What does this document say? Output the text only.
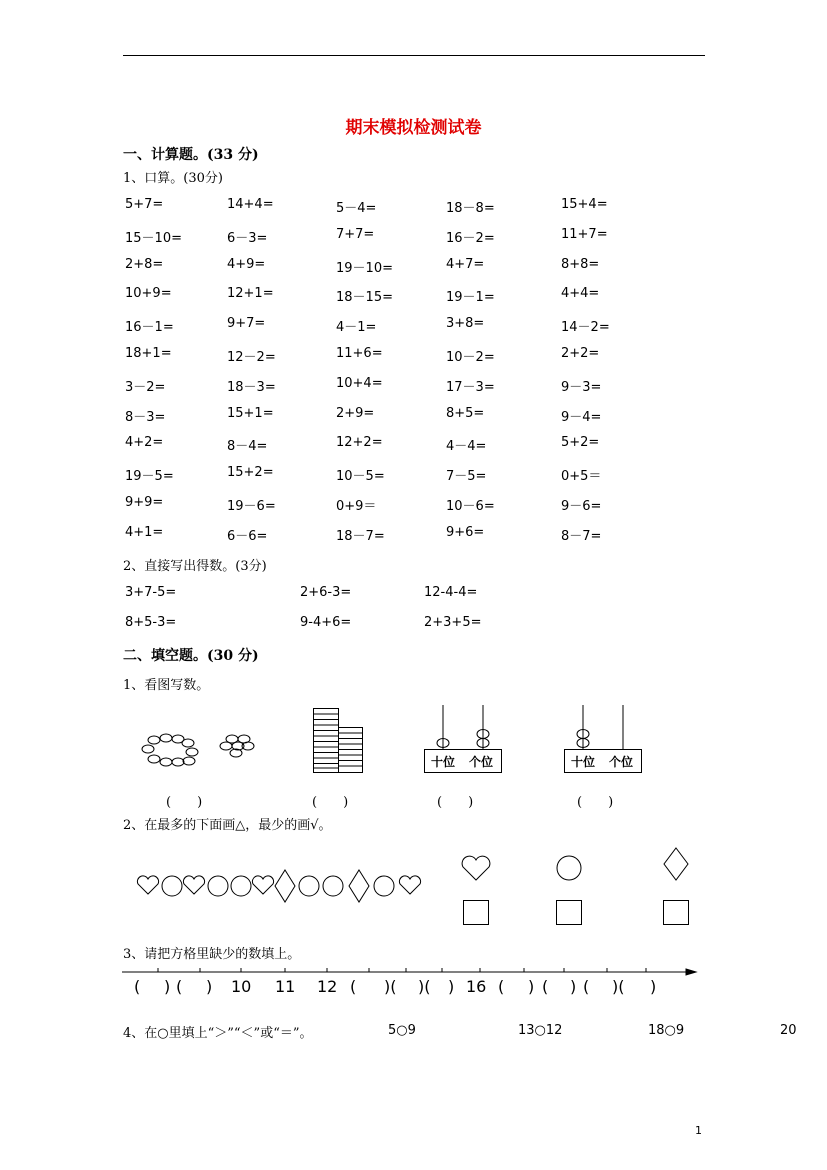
期末模拟检测试卷
一、计算题。(33 分)
1、口算。(30分)
5+7=	14+4=	5－4=	18－8=	15+4=
15－10=	6－3=	7+7=	16－2=	11+7=
2+8=	4+9=	19－10=	4+7=	8+8=
10+9=	12+1=	18－15=	19－1=	4+4=
16－1=	9+7=	4－1=	3+8=	14－2=
18+1=	12－2=	11+6=	10－2=	2+2=
3－2=	18－3=	10+4=	17－3=	9－3=
8－3=	15+1=	2+9=	8+5=	9－4=
4+2=	8－4=	12+2=	4－4=	5+2=
19－5=	15+2=	10－5=	7－5=	0+5＝
9+9=	19－6=	0+9＝	10－6=	9－6=
4+1=	6－6=	18－7=	9+6=	8－7=
2、直接写出得数。(3分)
3+7-5=	2+6-3=	12-4-4=
8+5-3=	9-4+6=	2+3+5=
二、填空题。(30 分)
1、看图写数。
十位 个位	十位 个位
(　　)	(　　)	(　　)	(　　)
2、在最多的下面画△，最少的画√。
3、请把方格里缺少的数填上。
( ) ( ) 10 11 12 ( )( )( ) 16 ( ) ( ) ( )( )
4、在○里填上“＞”“＜”或“＝”。	5○9	13○12	18○9	20
1
